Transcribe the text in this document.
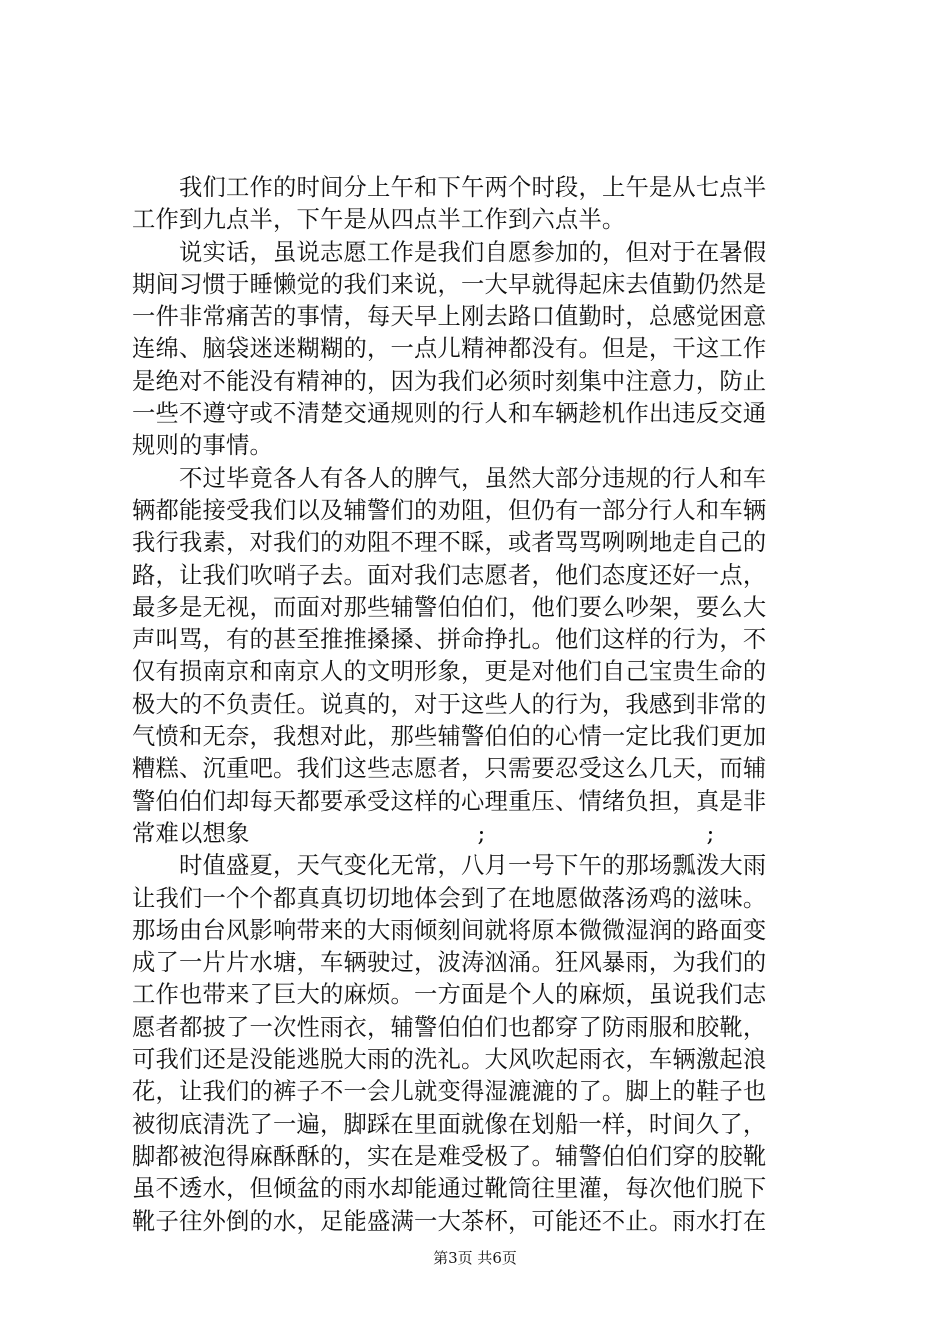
我们工作的时间分上午和下午两个时段，上午是从七点半
工作到九点半，下午是从四点半工作到六点半。
说实话，虽说志愿工作是我们自愿参加的，但对于在暑假
期间习惯于睡懒觉的我们来说，一大早就得起床去值勤仍然是
一件非常痛苦的事情，每天早上刚去路口值勤时，总感觉困意
连绵、脑袋迷迷糊糊的，一点儿精神都没有。但是，干这工作
是绝对不能没有精神的，因为我们必须时刻集中注意力，防止
一些不遵守或不清楚交通规则的行人和车辆趁机作出违反交通
规则的事情。
不过毕竟各人有各人的脾气，虽然大部分违规的行人和车
辆都能接受我们以及辅警们的劝阻，但仍有一部分行人和车辆
我行我素，对我们的劝阻不理不睬，或者骂骂咧咧地走自己的
路，让我们吹哨子去。面对我们志愿者，他们态度还好一点，
最多是无视，而面对那些辅警伯伯们，他们要么吵架，要么大
声叫骂，有的甚至推推搡搡、拼命挣扎。他们这样的行为，不
仅有损南京和南京人的文明形象，更是对他们自己宝贵生命的
极大的不负责任。说真的，对于这些人的行为，我感到非常的
气愤和无奈，我想对此，那些辅警伯伯的心情一定比我们更加
糟糕、沉重吧。我们这些志愿者，只需要忍受这么几天，而辅
警伯伯们却每天都要承受这样的心理重压、情绪负担，真是非
常难以想象	;	;
时值盛夏，天气变化无常，八月一号下午的那场瓢泼大雨
让我们一个个都真真切切地体会到了在地愿做落汤鸡的滋味。
那场由台风影响带来的大雨倾刻间就将原本微微湿润的路面变
成了一片片水塘，车辆驶过，波涛汹涌。狂风暴雨，为我们的
工作也带来了巨大的麻烦。一方面是个人的麻烦，虽说我们志
愿者都披了一次性雨衣，辅警伯伯们也都穿了防雨服和胶靴，
可我们还是没能逃脱大雨的洗礼。大风吹起雨衣，车辆激起浪
花，让我们的裤子不一会儿就变得湿漉漉的了。脚上的鞋子也
被彻底清洗了一遍，脚踩在里面就像在划船一样，时间久了，
脚都被泡得麻酥酥的，实在是难受极了。辅警伯伯们穿的胶靴
虽不透水，但倾盆的雨水却能通过靴筒往里灌，每次他们脱下
靴子往外倒的水，足能盛满一大茶杯，可能还不止。雨水打在
第3页 共6页
